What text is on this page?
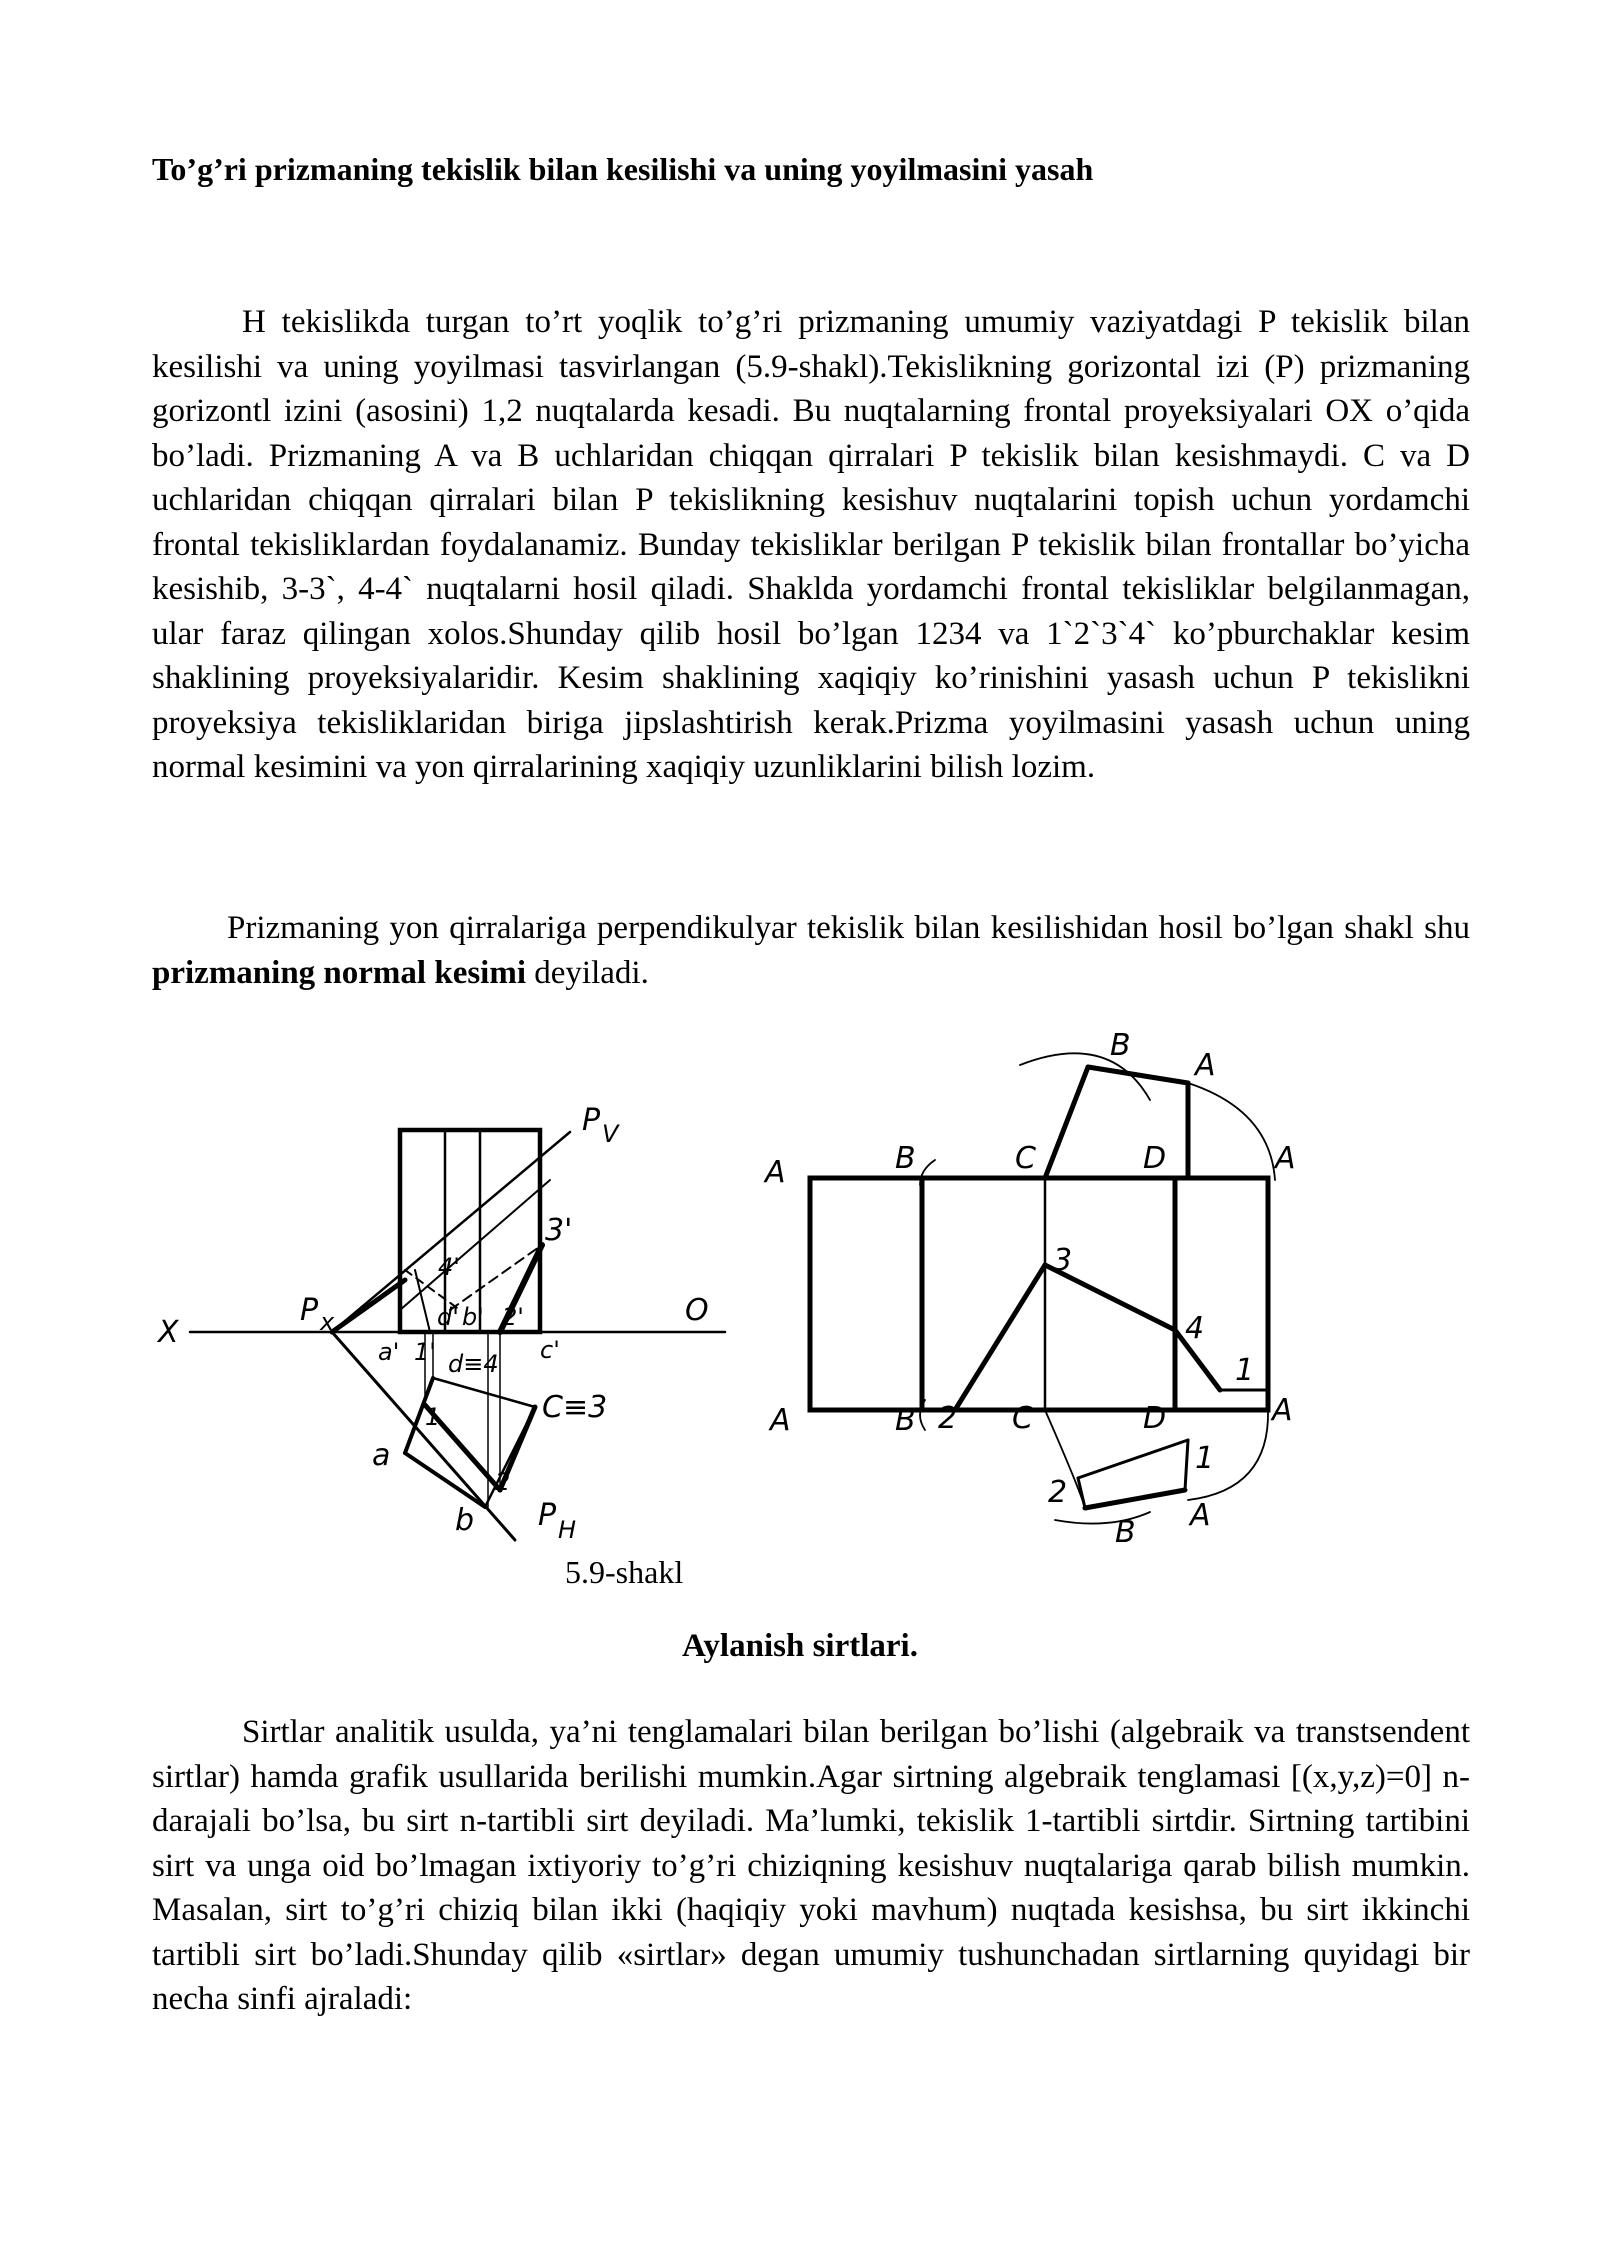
To’g’ri prizmaning tekislik bilan kesilishi va uning yoyilmasini yasah

H tekislikda turgan to’rt yoqlik to’g’ri prizmaning umumiy vaziyatdagi P tekislik bilan kesilishi va uning yoyilmasi tasvirlangan (5.9-shakl).Tekislikning gorizontal izi (P) prizmaning gorizontl izini (asosini) 1,2 nuqtalarda kesadi. Bu nuqtalarning frontal proyeksiyalari OX o’qida bo’ladi. Prizmaning A va B uchlaridan chiqqan qirralari P tekislik bilan kesishmaydi. C va D uchlaridan chiqqan qirralari bilan P tekislikning kesishuv nuqtalarini topish uchun yordamchi frontal tekisliklardan foydalanamiz. Bunday tekisliklar berilgan P tekislik bilan frontallar bo’yicha kesishib, 3-3`, 4-4` nuqtalarni hosil qiladi. Shaklda yordamchi frontal tekisliklar belgilanmagan, ular faraz qilingan xolos.Shunday qilib hosil bo’lgan 1234 va 1`2`3`4` ko’pburchaklar kesim shaklining proyeksiyalaridir. Kesim shaklining xaqiqiy ko’rinishini yasash uchun P tekislikni proyeksiya tekisliklaridan biriga jipslashtirish kerak.Prizma yoyilmasini yasash uchun uning normal kesimini va yon qirralarining xaqiqiy uzunliklarini bilish lozim.

Prizmaning yon qirralariga perpendikulyar tekislik bilan kesilishidan hosil bo’lgan shakl shu prizmaning normal kesimi deyiladi.

P V
P x
X
O
4'
d' b' 2'
3'
a' 1'	c'
d≡4
C≡3
1
a
2
b P H
A	B	C	D	A
B
A
3
4
1
A	B 2 C	D	A
1
2
B A

5.9-shakl

Aylanish sirtlari.

Sirtlar analitik usulda, ya’ni tenglamalari bilan berilgan bo’lishi (algebraik va transtsendent sirtlar) hamda grafik usullarida berilishi mumkin.Agar sirtning algebraik tenglamasi [(x,y,z)=0] n-darajali bo’lsa, bu sirt n-tartibli sirt deyiladi. Ma’lumki, tekislik 1-tartibli sirtdir. Sirtning tartibini sirt va unga oid bo’lmagan ixtiyoriy to’g’ri chiziqning kesishuv nuqtalariga qarab bilish mumkin. Masalan, sirt to’g’ri chiziq bilan ikki (haqiqiy yoki mavhum) nuqtada kesishsa, bu sirt ikkinchi tartibli sirt bo’ladi.Shunday qilib «sirtlar» degan umumiy tushunchadan sirtlarning quyidagi bir necha sinfi ajraladi:
